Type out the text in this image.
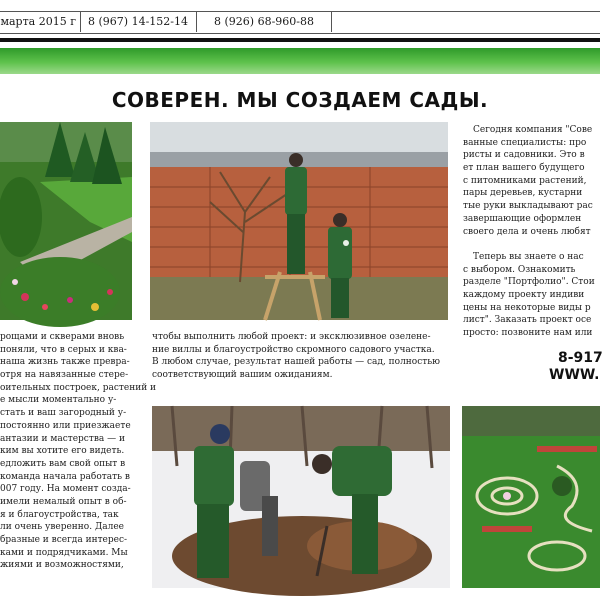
марта 2015 г	8 (967) 14-152-14	8 (926) 68-960-88
СОВЕРЕН. МЫ СОЗДАЕМ САДЫ.
чтобы выполнить любой проект: и эксклюзивное озелене-
ние виллы и благоустройство скромного садового участка.
В любом случае, результат нашей работы — сад, полностью
соответствующий вашим ожиданиям.
рощами и скверами вновь
поняли, что в серых и ква-
наша жизнь также превра-
отря на навязанные стере-
оительных построек, растений и
е мысли моментально у-
стать и ваш загородный у-
постоянно или приезжаете
антазии и мастерства — и
ким вы хотите его видеть.
едложить вам свой опыт в
команда начала работать в
007 году. На момент созда-
имели немалый опыт в об-
я и благоустройства, так
ли очень уверенно. Далее
бразные и всегда интерес-
ками и подрядчиками. Мы
жиями и возможностями,
Сегодня компания "Сове
ванные специалисты: про
ристы и садовники. Это в
ет план вашего будущего
с питомниками растений,
пары деревьев, кустарни
тые руки выкладывают рас
завершающие оформлен
своего дела и очень любят
Теперь вы знаете о нас
с выбором. Ознакомить
разделе "Портфолио". Стои
каждому проекту индиви
цены на некоторые виды р
лист". Заказать проект осе
просто: позвоните нам или
8-917
WWW.
